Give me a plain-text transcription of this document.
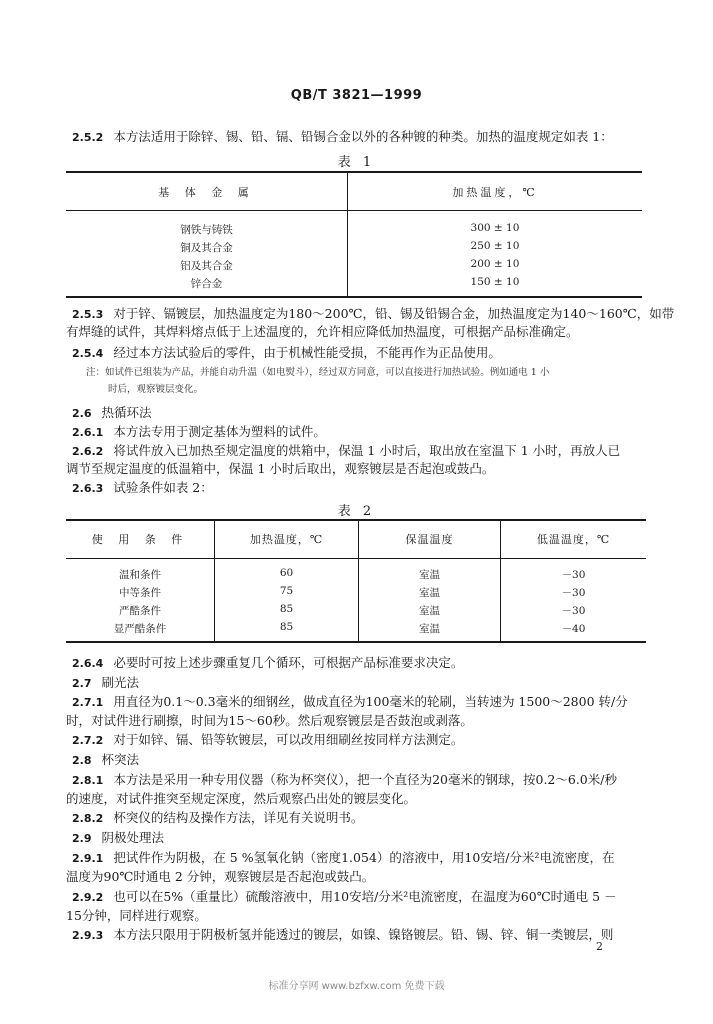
QB/T 3821—1999
2.5.2 本方法适用于除锌、锡、铅、镉、铅锡合金以外的各种镀的种类。加热的温度规定如表 1：
表 1
基 体 金 属	加热温度，℃
钢铁与铸铁	300 ± 10
铜及其合金	250 ± 10
铝及其合金	200 ± 10
锌合金	150 ± 10
2.5.3 对于锌、镉镀层，加热温度定为180～200℃，铅、锡及铅锡合金，加热温度定为140～160℃，如带
有焊缝的试件，其焊料熔点低于上述温度的，允许相应降低加热温度，可根据产品标准确定。
2.5.4 经过本方法试验后的零件，由于机械性能受损，不能再作为正品使用。
注：如试件已组装为产品，并能自动升温（如电熨斗），经过双方同意，可以直接进行加热试验。例如通电 1 小
时后，观察镀层变化。
2.6 热循环法
2.6.1 本方法专用于测定基体为塑料的试件。
2.6.2 将试件放入已加热至规定温度的烘箱中，保温 1 小时后，取出放在室温下 1 小时，再放人已
调节至规定温度的低温箱中，保温 1 小时后取出，观察镀层是否起泡或鼓凸。
2.6.3 试验条件如表 2：
表 2
使 用 条 件	加热温度，℃	保温温度	低温温度，℃
温和条件	60	室温	－30
中等条件	75	室温	－30
严酷条件	85	室温	－30
显严酷条件	85	室温	－40
2.6.4 必要时可按上述步骤重复几个循环，可根据产品标准要求决定。
2.7 刷光法
2.7.1 用直径为0.1～0.3毫米的细钢丝，做成直径为100毫米的轮刷，当转速为 1500～2800 转/分
时，对试件进行刷擦，时间为15～60秒。然后观察镀层是否鼓泡或剥落。
2.7.2 对于如锌、镉、铅等软镀层，可以改用细刷丝按同样方法测定。
2.8 杯突法
2.8.1 本方法是采用一种专用仪器（称为杯突仪），把一个直径为20毫米的钢球，按0.2～6.0米/秒
的速度，对试件推突至规定深度，然后观察凸出处的镀层变化。
2.8.2 杯突仪的结构及操作方法，详见有关说明书。
2.9 阴极处理法
2.9.1 把试件作为阴极，在 5 %氢氧化钠（密度1.054）的溶液中，用10安培/分米²电流密度，在
温度为90℃时通电 2 分钟，观察镀层是否起泡或鼓凸。
2.9.2 也可以在5%（重量比）硫酸溶液中，用10安培/分米²电流密度，在温度为60℃时通电 5 －
15分钟，同样进行观察。
2.9.3 本方法只限用于阴极析氢并能透过的镀层，如镍、镍铬镀层。铅、锡、锌、铜一类镀层，则
2
标准分享网 www.bzfxw.com 免费下载
